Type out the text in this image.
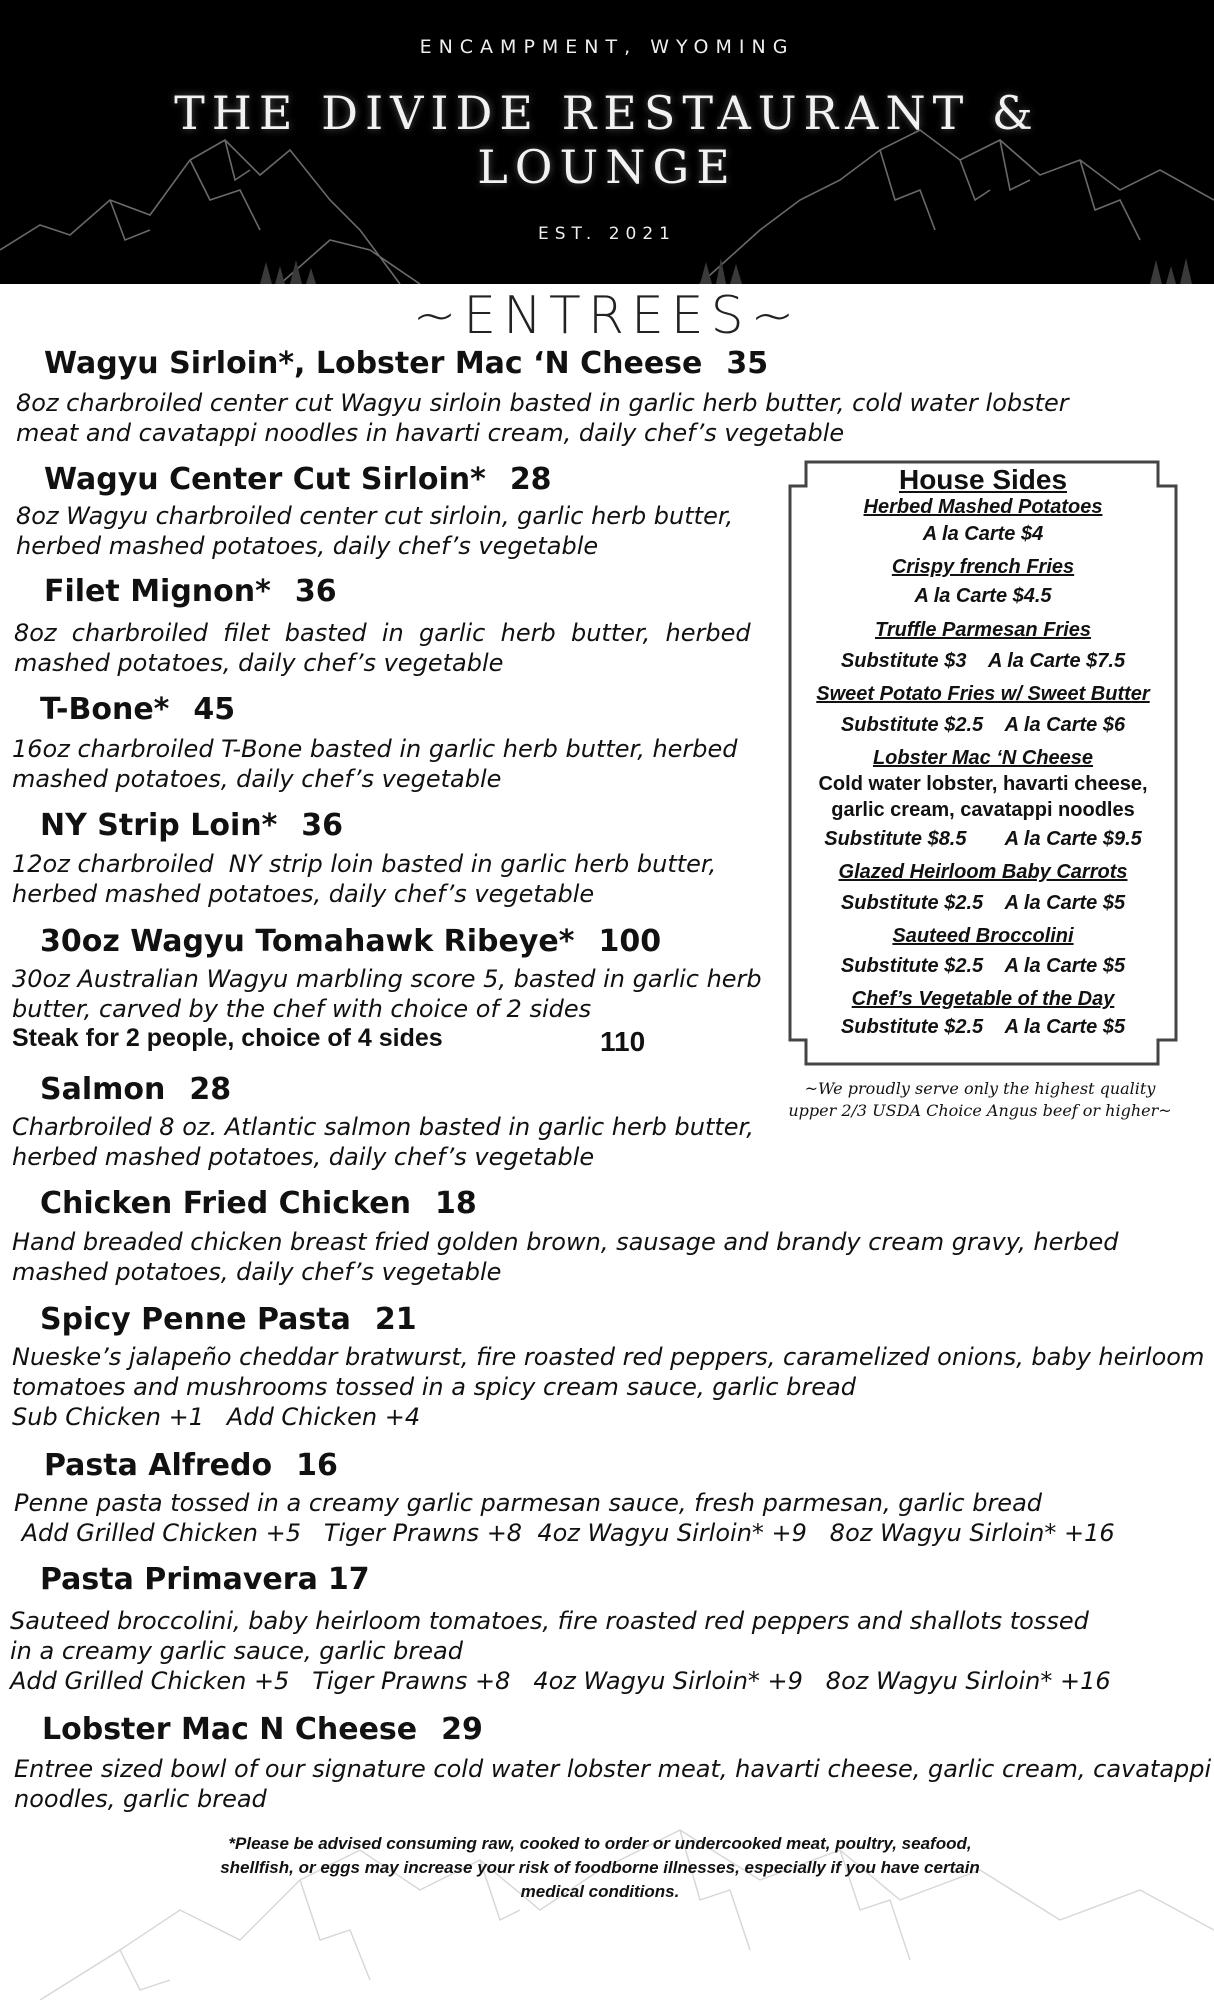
ENCAMPMENT, WYOMING
THE DIVIDE RESTAURANT &
LOUNGE
EST. 2021
~ENTREES~
Wagyu Sirloin*, Lobster Mac ‘N Cheese 35
8oz charbroiled center cut Wagyu sirloin basted in garlic herb butter, cold water lobster
meat and cavatappi noodles in havarti cream, daily chef’s vegetable
Wagyu Center Cut Sirloin* 28
8oz Wagyu charbroiled center cut sirloin, garlic herb butter,
herbed mashed potatoes, daily chef’s vegetable
Filet Mignon* 36
8oz  charbroiled  filet  basted  in  garlic  herb  butter,  herbed
mashed potatoes, daily chef’s vegetable
T-Bone* 45
16oz charbroiled T-Bone basted in garlic herb butter, herbed
mashed potatoes, daily chef’s vegetable
NY Strip Loin* 36
12oz charbroiled  NY strip loin basted in garlic herb butter,
herbed mashed potatoes, daily chef’s vegetable
30oz Wagyu Tomahawk Ribeye* 100
30oz Australian Wagyu marbling score 5, basted in garlic herb
butter, carved by the chef with choice of 2 sides
Steak for 2 people, choice of 4 sides	110
Salmon 28
Charbroiled 8 oz. Atlantic salmon basted in garlic herb butter,
herbed mashed potatoes, daily chef’s vegetable
Chicken Fried Chicken 18
Hand breaded chicken breast fried golden brown, sausage and brandy cream gravy, herbed
mashed potatoes, daily chef’s vegetable
Spicy Penne Pasta 21
Nueske’s jalapeño cheddar bratwurst, fire roasted red peppers, caramelized onions, baby heirloom
tomatoes and mushrooms tossed in a spicy cream sauce, garlic bread
Sub Chicken +1   Add Chicken +4
Pasta Alfredo 16
Penne pasta tossed in a creamy garlic parmesan sauce, fresh parmesan, garlic bread
Add Grilled Chicken +5   Tiger Prawns +8  4oz Wagyu Sirloin* +9   8oz Wagyu Sirloin* +16
Pasta Primavera 17
Sauteed broccolini, baby heirloom tomatoes, fire roasted red peppers and shallots tossed
in a creamy garlic sauce, garlic bread
Add Grilled Chicken +5   Tiger Prawns +8   4oz Wagyu Sirloin* +9   8oz Wagyu Sirloin* +16
Lobster Mac N Cheese 29
Entree sized bowl of our signature cold water lobster meat, havarti cheese, garlic cream, cavatappi
noodles, garlic bread
House Sides
Herbed Mashed Potatoes
A la Carte $4
Crispy french Fries
A la Carte $4.5
Truffle Parmesan Fries
Substitute $3    A la Carte $7.5
Sweet Potato Fries w/ Sweet Butter
Substitute $2.5    A la Carte $6
Lobster Mac ‘N Cheese
Cold water lobster, havarti cheese,
garlic cream, cavatappi noodles
Substitute $8.5       A la Carte $9.5
Glazed Heirloom Baby Carrots
Substitute $2.5    A la Carte $5
Sauteed Broccolini
Substitute $2.5    A la Carte $5
Chef’s Vegetable of the Day
Substitute $2.5    A la Carte $5
~We proudly serve only the highest quality
upper 2/3 USDA Choice Angus beef or higher~
*Please be advised consuming raw, cooked to order or undercooked meat, poultry, seafood,
shellfish, or eggs may increase your risk of foodborne illnesses, especially if you have certain
medical conditions.
